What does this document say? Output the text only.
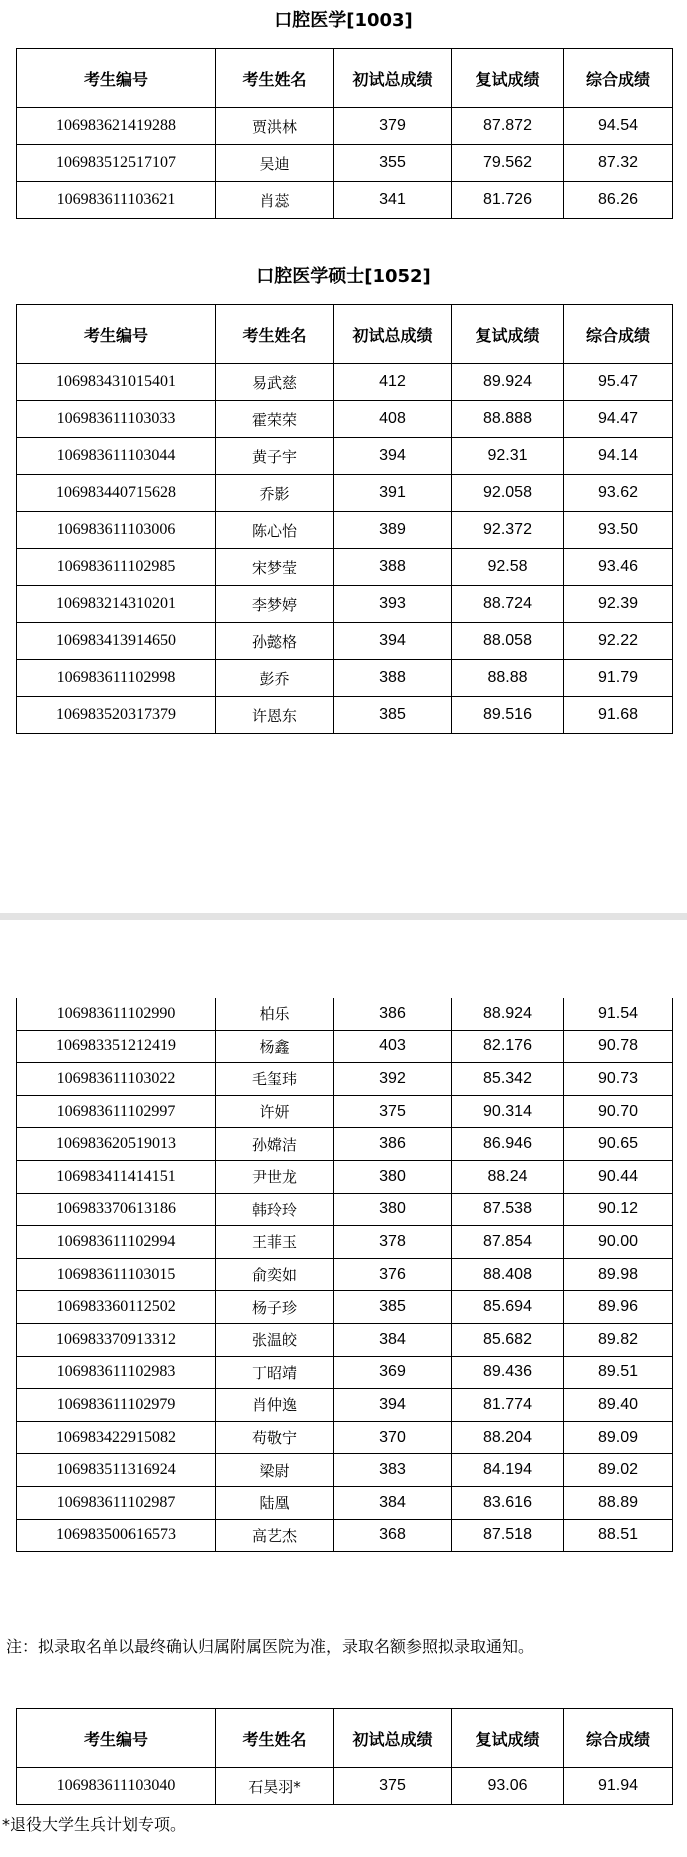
口腔医学[1003]
考生编号	考生姓名	初试总成绩	复试成绩	综合成绩
106983621419288	贾洪林	379	87.872	94.54
106983512517107	吴迪	355	79.562	87.32
106983611103621	肖蕊	341	81.726	86.26
口腔医学硕士[1052]
考生编号	考生姓名	初试总成绩	复试成绩	综合成绩
106983431015401	易武慈	412	89.924	95.47
106983611103033	霍荣荣	408	88.888	94.47
106983611103044	黄子宇	394	92.31	94.14
106983440715628	乔影	391	92.058	93.62
106983611103006	陈心怡	389	92.372	93.50
106983611102985	宋梦莹	388	92.58	93.46
106983214310201	李梦婷	393	88.724	92.39
106983413914650	孙懿格	394	88.058	92.22
106983611102998	彭乔	388	88.88	91.79
106983520317379	许恩东	385	89.516	91.68
106983611102990	柏乐	386	88.924	91.54
106983351212419	杨鑫	403	82.176	90.78
106983611103022	毛玺玮	392	85.342	90.73
106983611102997	许妍	375	90.314	90.70
106983620519013	孙嫦洁	386	86.946	90.65
106983411414151	尹世龙	380	88.24	90.44
106983370613186	韩玲玲	380	87.538	90.12
106983611102994	王菲玉	378	87.854	90.00
106983611103015	俞奕如	376	88.408	89.98
106983360112502	杨子珍	385	85.694	89.96
106983370913312	张温皎	384	85.682	89.82
106983611102983	丁昭靖	369	89.436	89.51
106983611102979	肖仲逸	394	81.774	89.40
106983422915082	苟敬宁	370	88.204	89.09
106983511316924	梁尉	383	84.194	89.02
106983611102987	陆凰	384	83.616	88.89
106983500616573	高艺杰	368	87.518	88.51
注：拟录取名单以最终确认归属附属医院为准，录取名额参照拟录取通知。
考生编号	考生姓名	初试总成绩	复试成绩	综合成绩
106983611103040	石昊羽*	375	93.06	91.94
*退役大学生兵计划专项。
